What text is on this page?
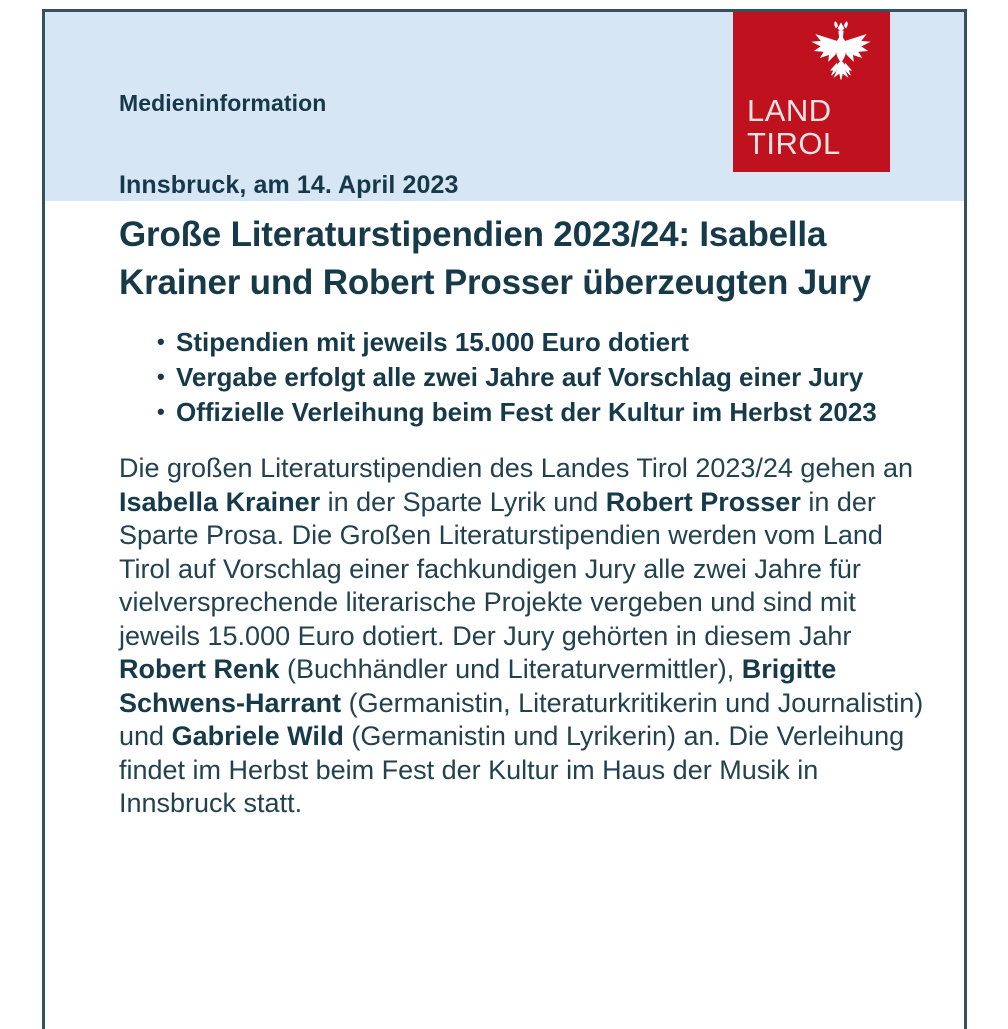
Medieninformation
Innsbruck, am 14. April 2023
LAND
TIROL
Große Literaturstipendien 2023/24: Isabella Krainer und Robert Prosser überzeugten Jury
• Stipendien mit jeweils 15.000 Euro dotiert
• Vergabe erfolgt alle zwei Jahre auf Vorschlag einer Jury
• Offizielle Verleihung beim Fest der Kultur im Herbst 2023

Die großen Literaturstipendien des Landes Tirol 2023/24 gehen an Isabella Krainer in der Sparte Lyrik und Robert Prosser in der Sparte Prosa. Die Großen Literaturstipendien werden vom Land Tirol auf Vorschlag einer fachkundigen Jury alle zwei Jahre für vielversprechende literarische Projekte vergeben und sind mit jeweils 15.000 Euro dotiert. Der Jury gehörten in diesem Jahr Robert Renk (Buchhändler und Literaturvermittler), Brigitte Schwens-Harrant (Germanistin, Literaturkritikerin und Journalistin) und Gabriele Wild (Germanistin und Lyrikerin) an. Die Verleihung findet im Herbst beim Fest der Kultur im Haus der Musik in Innsbruck statt.
